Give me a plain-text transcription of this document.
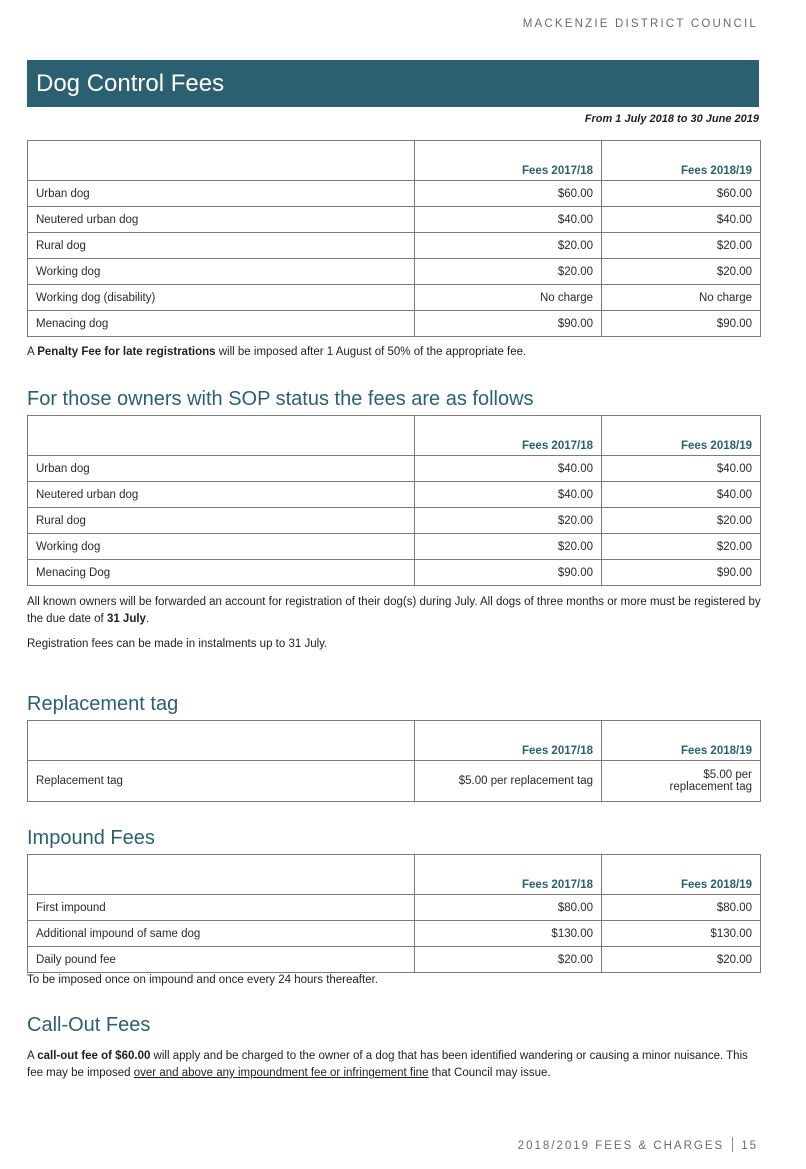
MACKENZIE DISTRICT COUNCIL
Dog Control Fees
From 1 July 2018 to 30 June 2019
	Fees 2017/18	Fees 2018/19
Urban dog	$60.00	$60.00
Neutered urban dog	$40.00	$40.00
Rural dog	$20.00	$20.00
Working dog	$20.00	$20.00
Working dog (disability)	No charge	No charge
Menacing dog	$90.00	$90.00
A Penalty Fee for late registrations will be imposed after 1 August of 50% of the appropriate fee.
For those owners with SOP status the fees are as follows
	Fees 2017/18	Fees 2018/19
Urban dog	$40.00	$40.00
Neutered urban dog	$40.00	$40.00
Rural dog	$20.00	$20.00
Working dog	$20.00	$20.00
Menacing Dog	$90.00	$90.00
All known owners will be forwarded an account for registration of their dog(s) during July. All dogs of three months or more must be registered by the due date of 31 July.
Registration fees can be made in instalments up to 31 July.
Replacement tag
	Fees 2017/18	Fees 2018/19
Replacement tag	$5.00 per replacement tag	$5.00 per
replacement tag
Impound Fees
	Fees 2017/18	Fees 2018/19
First impound	$80.00	$80.00
Additional impound of same dog	$130.00	$130.00
Daily pound fee	$20.00	$20.00
To be imposed once on impound and once every 24 hours thereafter.
Call-Out Fees
A call-out fee of $60.00 will apply and be charged to the owner of a dog that has been identified wandering or causing a minor nuisance. This fee may be imposed over and above any impoundment fee or infringement fine that Council may issue.
2018/2019 FEES & CHARGES 15
